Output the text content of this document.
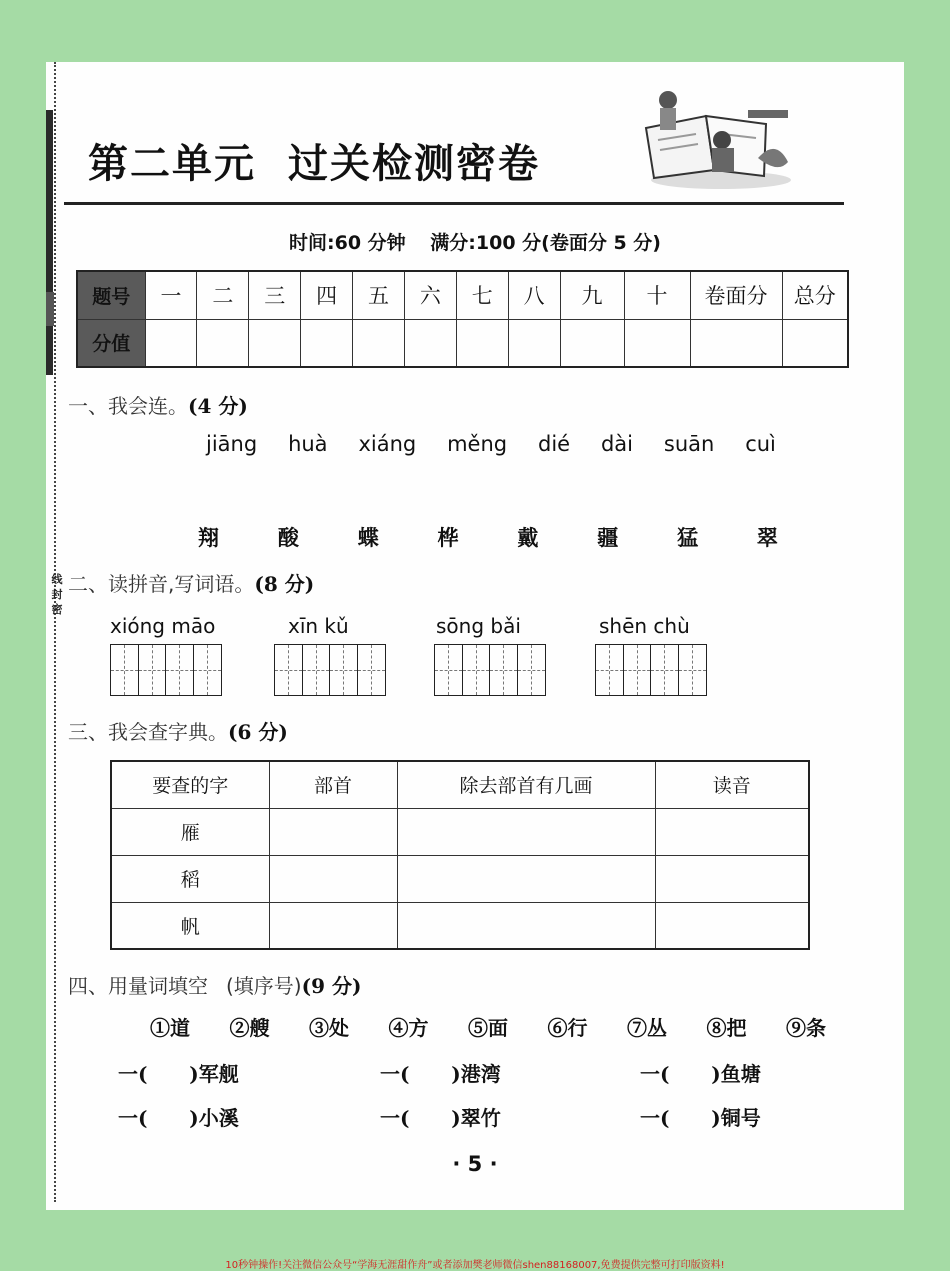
线
封
密
第二单元 过关检测密卷
时间:60 分钟 满分:100 分(卷面分 5 分)
题号	一	二	三	四	五	六	七	八	九	十	卷面分	总分
分值												
一、我会连。(4 分)
jiāng huà xiáng měng dié dài suān cuì
翔	酸	蝶	桦	戴	疆	猛	翠
二、读拼音,写词语。(8 分)
xióng māo	xīn kǔ	sōng bǎi	shēn chù
三、我会查字典。(6 分)
要查的字	部首	除去部首有几画	读音
雁			
稻			
帆			
四、用量词填空 (填序号)(9 分)
①道 ②艘 ③处 ④方 ⑤面 ⑥行 ⑦丛 ⑧把 ⑨条
一(      )军舰	一(      )港湾	一(      )鱼塘
一(      )小溪	一(      )翠竹	一(      )铜号
· 5 ·
10秒钟操作!关注微信公众号“学海无涯甜作舟”或者添加樊老师微信shen88168007,免费提供完整可打印版资料!
